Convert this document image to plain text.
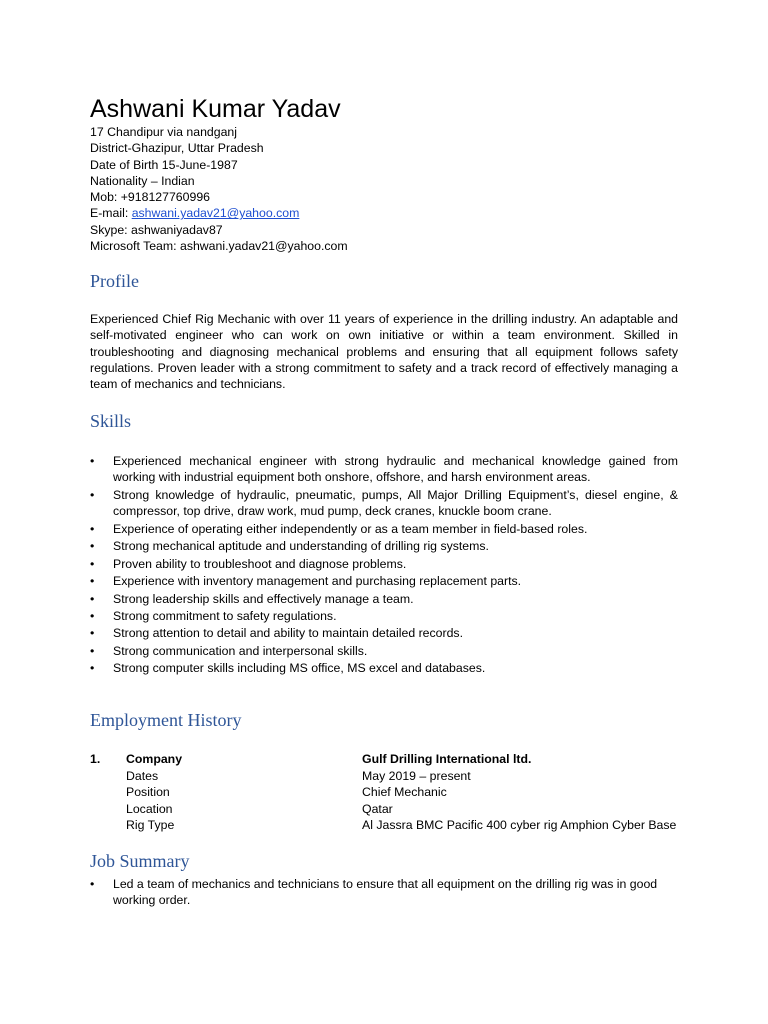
Ashwani Kumar Yadav
17 Chandipur via nandganj
District-Ghazipur, Uttar Pradesh
Date of Birth 15-June-1987
Nationality – Indian
Mob: +918127760996
E-mail: ashwani.yadav21@yahoo.com
Skype: ashwaniyadav87
Microsoft Team: ashwani.yadav21@yahoo.com
Profile

Experienced Chief Rig Mechanic with over 11 years of experience in the drilling industry. An adaptable and self-motivated engineer who can work on own initiative or within a team environment. Skilled in troubleshooting and diagnosing mechanical problems and ensuring that all equipment follows safety regulations. Proven leader with a strong commitment to safety and a track record of effectively managing a team of mechanics and technicians.

Skills
• Experienced mechanical engineer with strong hydraulic and mechanical knowledge gained from working with industrial equipment both onshore, offshore, and harsh environment areas.
• Strong knowledge of hydraulic, pneumatic, pumps, All Major Drilling Equipment’s, diesel engine, & compressor, top drive, draw work, mud pump, deck cranes, knuckle boom crane.
• Experience of operating either independently or as a team member in field-based roles.
• Strong mechanical aptitude and understanding of drilling rig systems.
• Proven ability to troubleshoot and diagnose problems.
• Experience with inventory management and purchasing replacement parts.
• Strong leadership skills and effectively manage a team.
• Strong commitment to safety regulations.
• Strong attention to detail and ability to maintain detailed records.
• Strong communication and interpersonal skills.
• Strong computer skills including MS office, MS excel and databases.
Employment History
1. Company	Gulf Drilling International ltd.
Dates	May 2019 – present
Position	Chief Mechanic
Location	Qatar
Rig Type	Al Jassra BMC Pacific 400 cyber rig Amphion Cyber Base
Job Summary
• Led a team of mechanics and technicians to ensure that all equipment on the drilling rig was in good working order.
